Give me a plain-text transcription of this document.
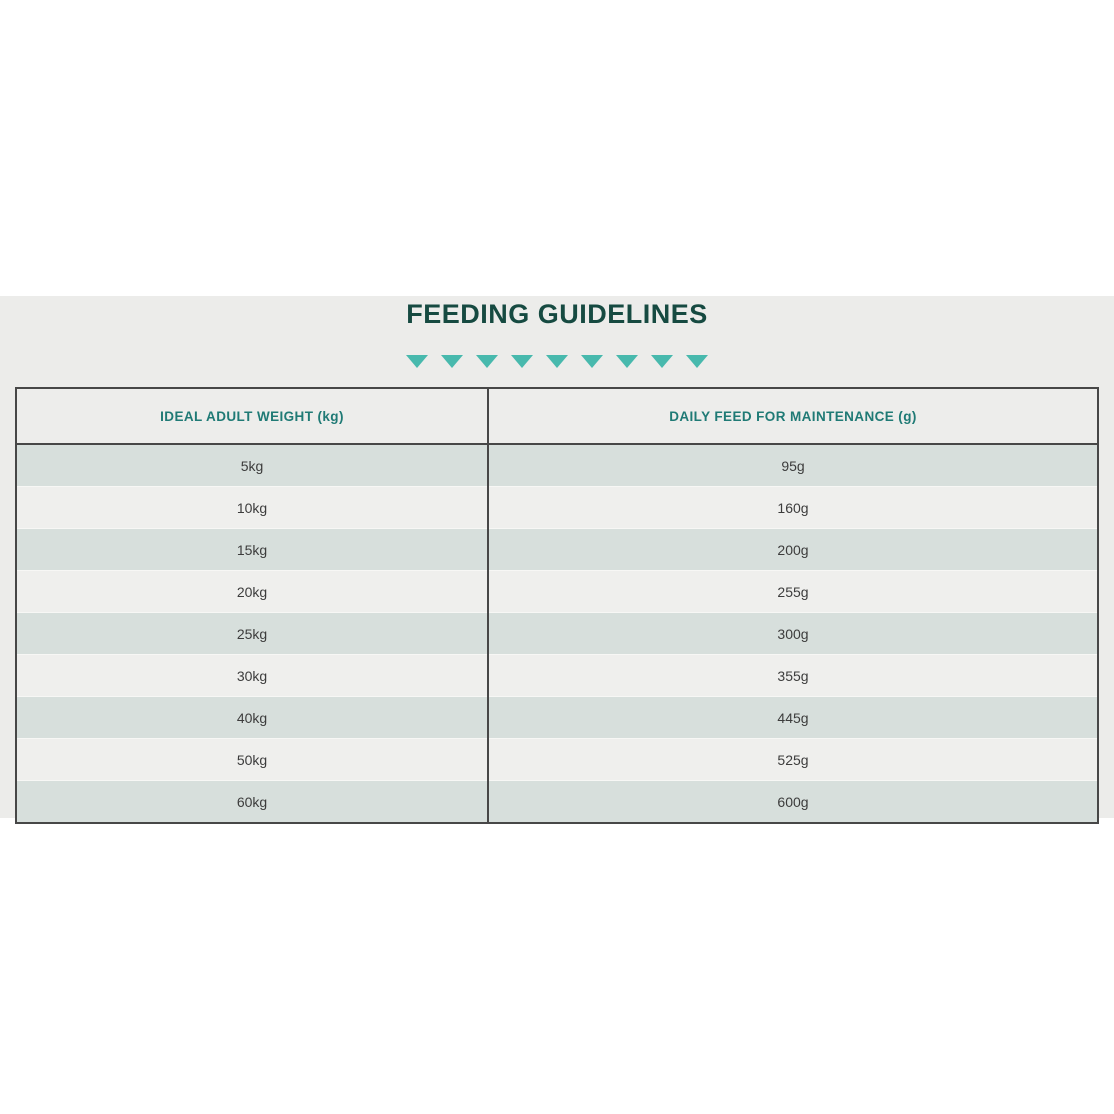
FEEDING GUIDELINES
IDEAL ADULT WEIGHT (kg)	DAILY FEED FOR MAINTENANCE (g)
5kg	95g
10kg	160g
15kg	200g
20kg	255g
25kg	300g
30kg	355g
40kg	445g
50kg	525g
60kg	600g
